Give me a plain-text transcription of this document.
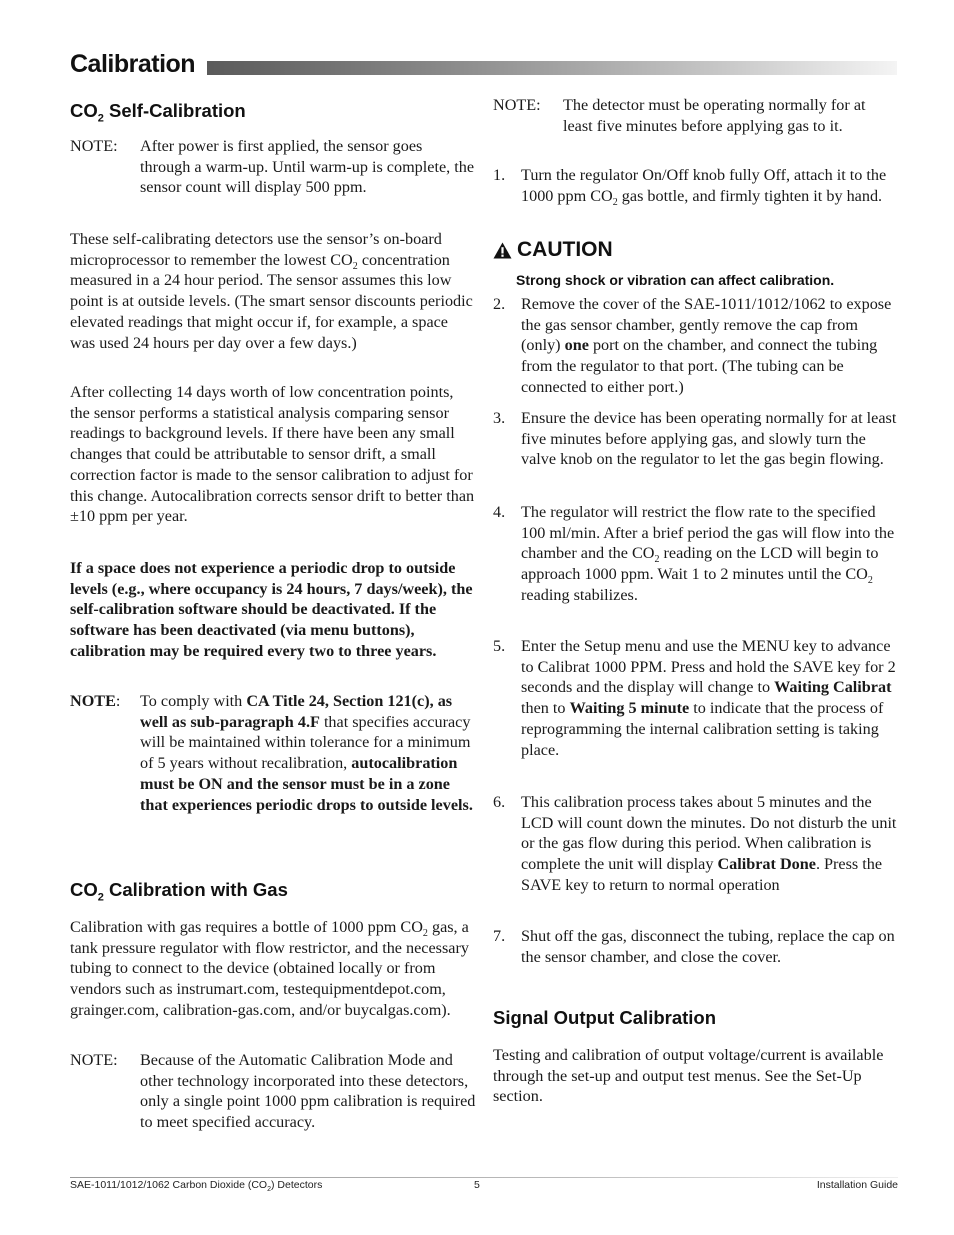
Calibration
$CO_2$ Self-Calibration
NOTE: After power is first applied, the sensor goes through a warm-up. Until warm-up is complete, the sensor count will display 500 ppm.
These self-calibrating detectors use the sensor’s on-board microprocessor to remember the lowest $CO_2$ concentration measured in a 24 hour period. The sensor assumes this low point is at outside levels. (The smart sensor discounts periodic elevated readings that might occur if, for example, a space was used 24 hours per day over a few days.)
After collecting 14 days worth of low concentration points, the sensor performs a statistical analysis comparing sensor readings to background levels. If there have been any small changes that could be attributable to sensor drift, a small correction factor is made to the sensor calibration to adjust for this change. Autocalibration corrects sensor drift to better than ±10 ppm per year.
If a space does not experience a periodic drop to outside levels (e.g., where occupancy is 24 hours, 7 days/week), the self-calibration software should be deactivated. If the software has been deactivated (via menu buttons), calibration may be required every two to three years.
NOTE: To comply with CA Title 24, Section 121(c), as well as sub-paragraph 4.F that specifies accuracy will be maintained within tolerance for a minimum of 5 years without recalibration, autocalibration must be ON and the sensor must be in a zone that experiences periodic drops to outside levels.
$CO_2$ Calibration with Gas
Calibration with gas requires a bottle of 1000 ppm $CO_2$ gas, a tank pressure regulator with flow restrictor, and the necessary tubing to connect to the device (obtained locally or from vendors such as instrumart.com, testequipmentdepot.com, grainger.com, calibration-gas.com, and/or buycalgas.com).
NOTE: Because of the Automatic Calibration Mode and other technology incorporated into these detectors, only a single point 1000 ppm calibration is required to meet specified accuracy.
NOTE: The detector must be operating normally for at least five minutes before applying gas to it.
1. Turn the regulator On/Off knob fully Off, attach it to the 1000 ppm $CO_2$ gas bottle, and firmly tighten it by hand.
CAUTION
Strong shock or vibration can affect calibration.
2. Remove the cover of the SAE-1011/1012/1062 to expose the gas sensor chamber, gently remove the cap from (only) one port on the chamber, and connect the tubing from the regulator to that port. (The tubing can be connected to either port.)
3. Ensure the device has been operating normally for at least five minutes before applying gas, and slowly turn the valve knob on the regulator to let the gas begin flowing.
4. The regulator will restrict the flow rate to the specified 100 ml/min. After a brief period the gas will flow into the chamber and the $CO_2$ reading on the LCD will begin to approach 1000 ppm. Wait 1 to 2 minutes until the $CO_2$ reading stabilizes.
5. Enter the Setup menu and use the MENU key to advance to Calibrat 1000 PPM. Press and hold the SAVE key for 2 seconds and the display will change to Waiting Calibrat then to Waiting 5 minute to indicate that the process of reprogramming the internal calibration setting is taking place.
6. This calibration process takes about 5 minutes and the LCD will count down the minutes. Do not disturb the unit or the gas flow during this period. When calibration is complete the unit will display Calibrat Done. Press the SAVE key to return to normal operation
7. Shut off the gas, disconnect the tubing, replace the cap on the sensor chamber, and close the cover.
Signal Output Calibration
Testing and calibration of output voltage/current is available through the set-up and output test menus. See the Set-Up section.
SAE-1011/1012/1062 Carbon Dioxide $(CO_2)$ Detectors	5	Installation Guide
